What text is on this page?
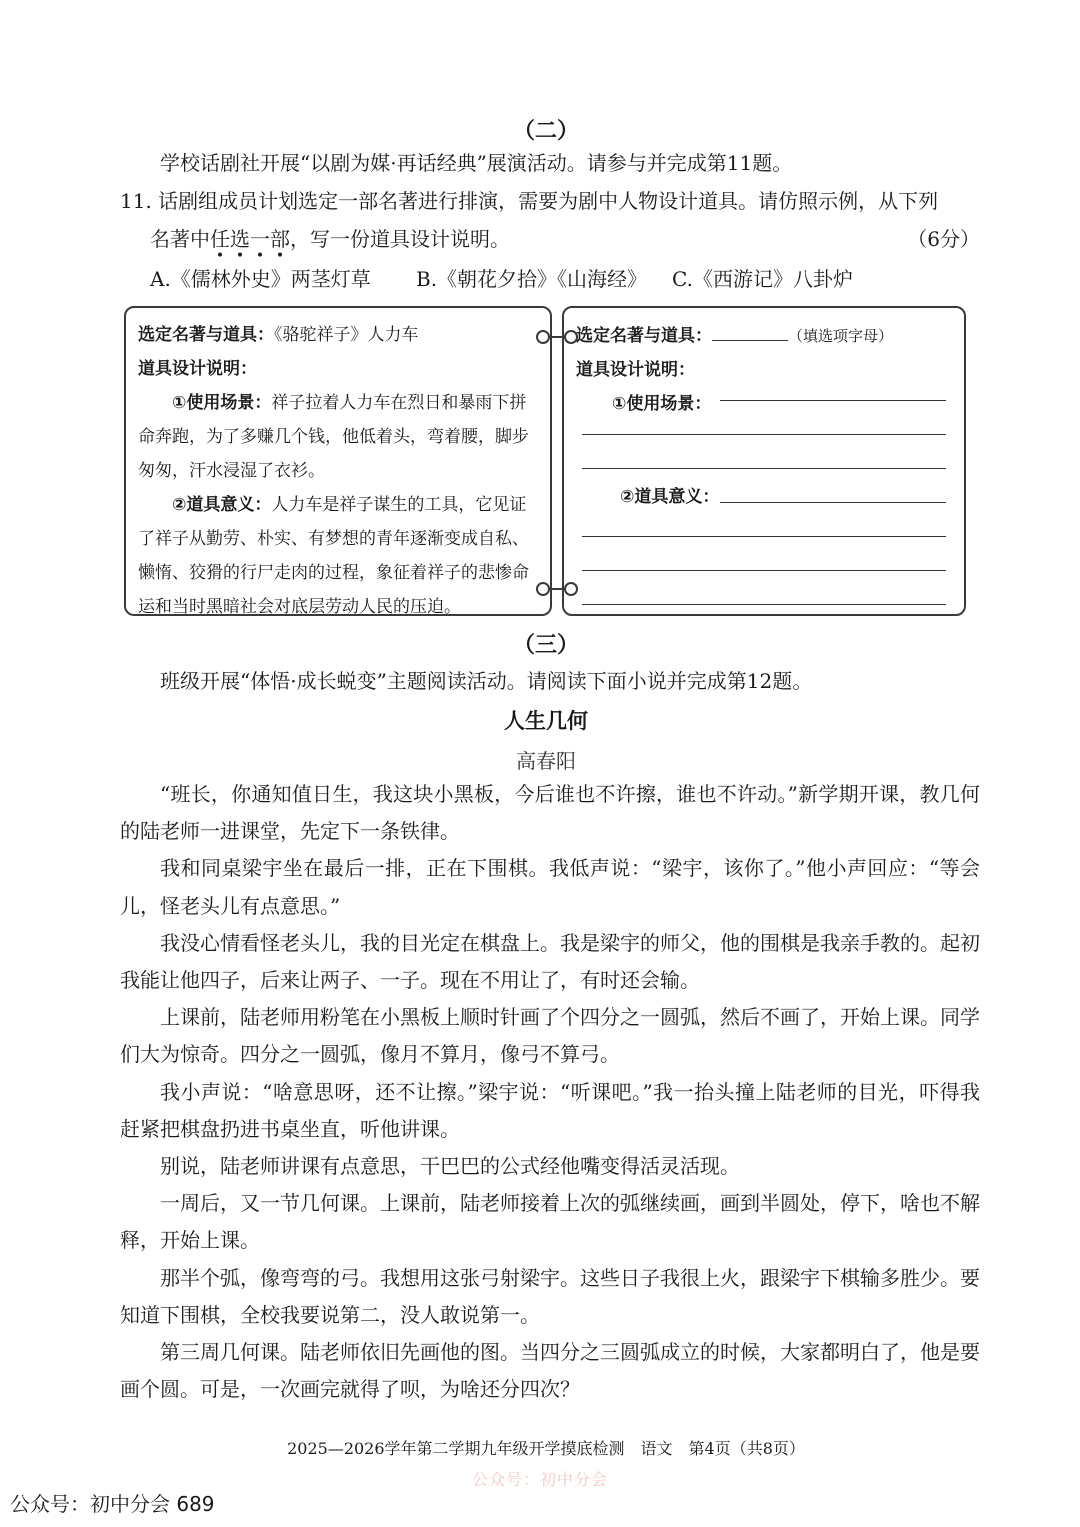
（二）
学校话剧社开展“以剧为媒·再话经典”展演活动。请参与并完成第11题。
11. 话剧组成员计划选定一部名著进行排演，需要为剧中人物设计道具。请仿照示例，从下列
名著中任选一部，写一份道具设计说明。	（6分）
A.《儒林外史》两茎灯草 B.《朝花夕拾》《山海经》 C.《西游记》八卦炉
选定名著与道具：《骆驼祥子》人力车
道具设计说明：
①使用场景：祥子拉着人力车在烈日和暴雨下拼命奔跑，为了多赚几个钱，他低着头，弯着腰，脚步匆匆，汗水浸湿了衣衫。
②道具意义：人力车是祥子谋生的工具，它见证了祥子从勤劳、朴实、有梦想的青年逐渐变成自私、懒惰、狡猾的行尸走肉的过程，象征着祥子的悲惨命运和当时黑暗社会对底层劳动人民的压迫。
选定名著与道具：	（填选项字母）
道具设计说明：
①使用场景：
②道具意义：
（三）
班级开展“体悟·成长蜕变”主题阅读活动。请阅读下面小说并完成第12题。
人生几何
高春阳
“班长，你通知值日生，我这块小黑板，今后谁也不许擦，谁也不许动。”新学期开课，教几何的陆老师一进课堂，先定下一条铁律。
我和同桌梁宇坐在最后一排，正在下围棋。我低声说：“梁宇，该你了。”他小声回应：“等会儿，怪老头儿有点意思。”
我没心情看怪老头儿，我的目光定在棋盘上。我是梁宇的师父，他的围棋是我亲手教的。起初我能让他四子，后来让两子、一子。现在不用让了，有时还会输。
上课前，陆老师用粉笔在小黑板上顺时针画了个四分之一圆弧，然后不画了，开始上课。同学们大为惊奇。四分之一圆弧，像月不算月，像弓不算弓。
我小声说：“啥意思呀，还不让擦。”梁宇说：“听课吧。”我一抬头撞上陆老师的目光，吓得我赶紧把棋盘扔进书桌坐直，听他讲课。
别说，陆老师讲课有点意思，干巴巴的公式经他嘴变得活灵活现。
一周后，又一节几何课。上课前，陆老师接着上次的弧继续画，画到半圆处，停下，啥也不解释，开始上课。
那半个弧，像弯弯的弓。我想用这张弓射梁宇。这些日子我很上火，跟梁宇下棋输多胜少。要知道下围棋，全校我要说第二，没人敢说第一。
第三周几何课。陆老师依旧先画他的图。当四分之三圆弧成立的时候，大家都明白了，他是要画个圆。可是，一次画完就得了呗，为啥还分四次？
2025—2026学年第二学期九年级开学摸底检测　语文　第4页（共8页）
公众号：初中分会
公众号：初中分会 689
